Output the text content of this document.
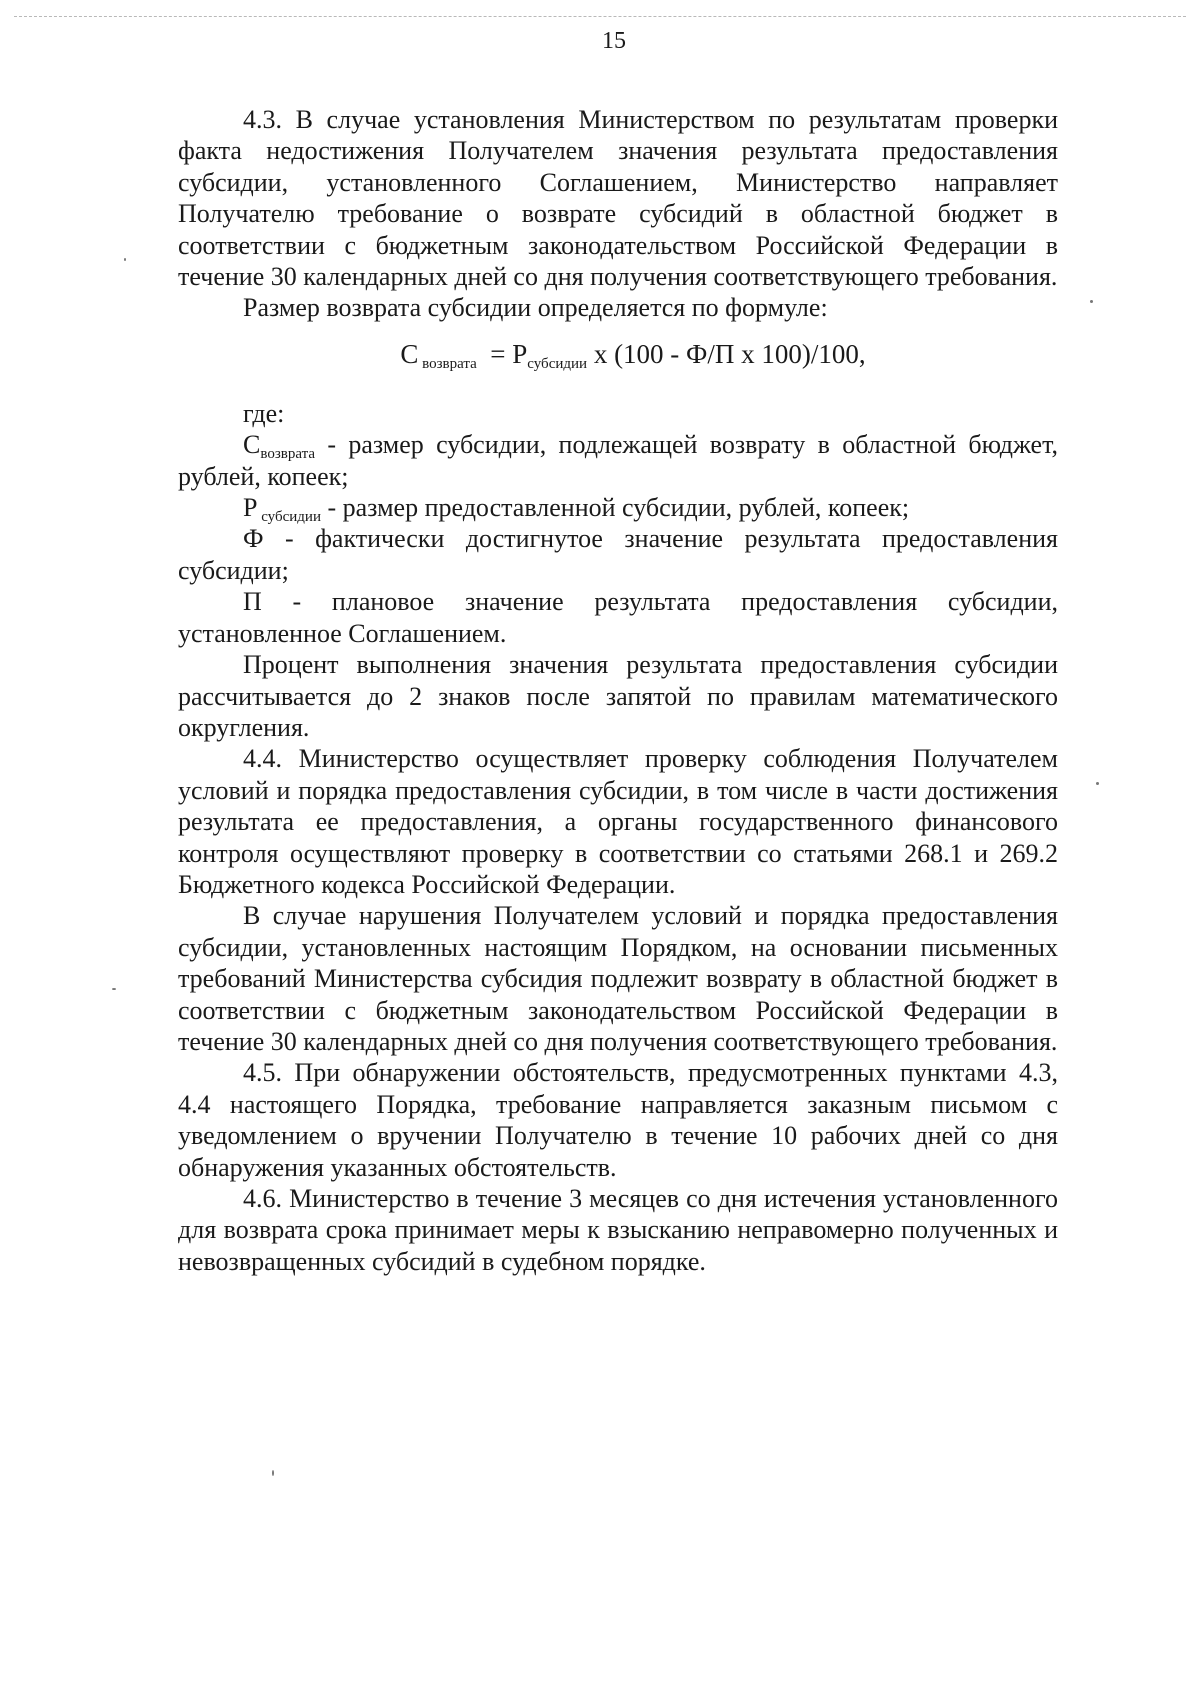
15

4.3. В случае установления Министерством по результатам проверки факта недостижения Получателем значения результата предоставления субсидии, установленного Соглашением, Министерство направляет Получателю требование о возврате субсидий в областной бюджет в соответствии с бюджетным законодательством Российской Федерации в течение 30 календарных дней со дня получения соответствующего требования.

Размер возврата субсидии определяется по формуле:

С $_{возврата} = Р_{субсидии}$ х (100 - Ф/П х 100)/100,

где:

$С_{возврата}$ - размер субсидии, подлежащей возврату в областной бюджет, рублей, копеек;

Р $_{субсидии}$ - размер предоставленной субсидии, рублей, копеек;

Ф - фактически достигнутое значение результата предоставления субсидии;

П - плановое значение результата предоставления субсидии, установленное Соглашением.

Процент выполнения значения результата предоставления субсидии рассчитывается до 2 знаков после запятой по правилам математического округления.

4.4. Министерство осуществляет проверку соблюдения Получателем условий и порядка предоставления субсидии, в том числе в части достижения результата ее предоставления, а органы государственного финансового контроля осуществляют проверку в соответствии со статьями 268.1 и 269.2 Бюджетного кодекса Российской Федерации.

В случае нарушения Получателем условий и порядка предоставления субсидии, установленных настоящим Порядком, на основании письменных требований Министерства субсидия подлежит возврату в областной бюджет в соответствии с бюджетным законодательством Российской Федерации в течение 30 календарных дней со дня получения соответствующего требования.

4.5. При обнаружении обстоятельств, предусмотренных пунктами 4.3, 4.4 настоящего Порядка, требование направляется заказным письмом с уведомлением о вручении Получателю в течение 10 рабочих дней со дня обнаружения указанных обстоятельств.

4.6. Министерство в течение 3 месяцев со дня истечения установленного для возврата срока принимает меры к взысканию неправомерно полученных и невозвращенных субсидий в судебном порядке.
